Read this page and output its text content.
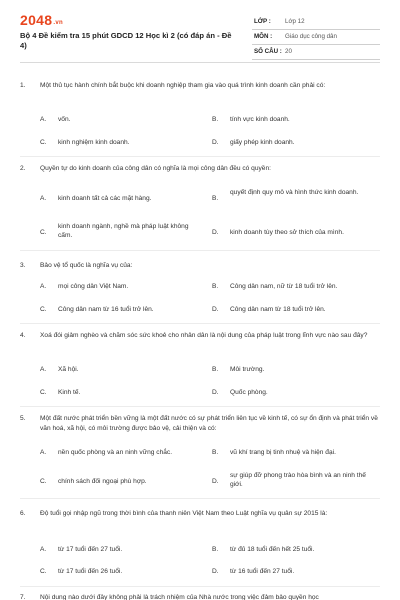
2048.vn
Bộ 4 Đề kiểm tra 15 phút GDCD 12 Học kì 2 (có đáp án - Đề 4)
LỚP : Lớp 12
MÔN : Giáo dục công dân
SỐ CÂU : 20
1. Một thủ tục hành chính bắt buộc khi doanh nghiệp tham gia vào quá trình kinh doanh cần phải có:
A. vốn.	B. tính vực kinh doanh.
C. kinh nghiệm kinh doanh.	D. giấy phép kinh doanh.
2. Quyền tự do kinh doanh của công dân có nghĩa là mọi công dân đều có quyền:
A. kinh doanh tất cả các mặt hàng.	B.
quyết định quy mô và hình thức kinh doanh.
C.
kinh doanh ngành, nghề mà pháp luật không cấm.	D. kinh doanh tùy theo sở thích của mình.
3. Bảo vệ tổ quốc là nghĩa vụ của:
A. mọi công dân Việt Nam.	B. Công dân nam, nữ từ 18 tuổi trở lên.
C. Công dân nam từ 16 tuổi trở lên.	D. Công dân nam từ 18 tuổi trở lên.
4. Xoá đói giảm nghèo và chăm sóc sức khoẻ cho nhân dân là nội dung của pháp luật trong lĩnh vực nào sau đây?
A. Xã hội.	B. Môi trường.
C. Kinh tế.	D. Quốc phòng.
5. Một đất nước phát triển bền vững là một đất nước có sự phát triển liên tục về kinh tế, có sự ổn định và phát triển về văn hoá, xã hội, có môi trường được bảo vệ, cải thiện và có:
A. nền quốc phòng và an ninh vững chắc.	B. vũ khí trang bị tinh nhuệ và hiện đại.
C. chính sách đối ngoại phù hợp.	D.
sự giúp đỡ phong trào hòa bình và an ninh thế giới.
6. Độ tuổi gọi nhập ngũ trong thời bình của thanh niên Việt Nam theo Luật nghĩa vụ quân sự 2015 là:
A. từ 17 tuổi đến 27 tuổi.	B. từ đủ 18 tuổi đến hết 25 tuổi.
C. từ 17 tuổi đến 26 tuổi.	D. từ 16 tuổi đến 27 tuổi.
7. Nội dung nào dưới đây không phải là trách nhiệm của Nhà nước trong việc đảm bảo quyền học
